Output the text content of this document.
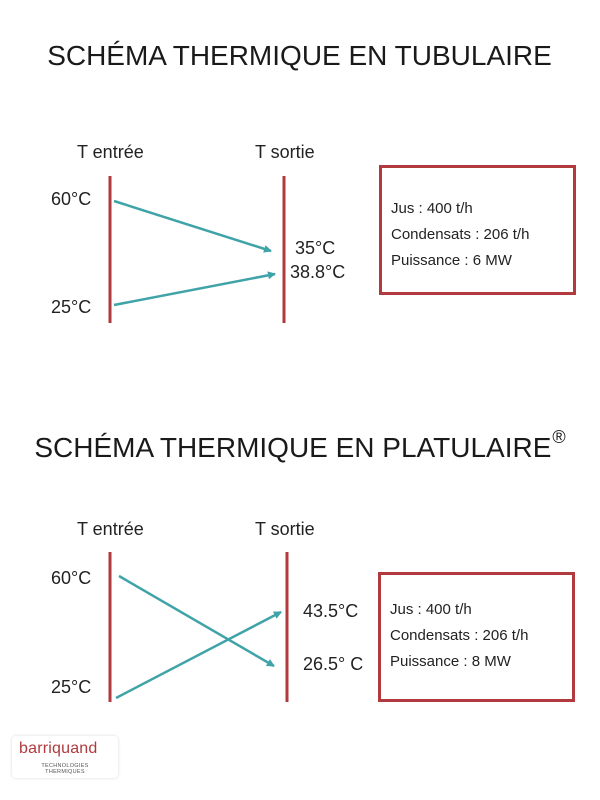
SCHÉMA THERMIQUE EN TUBULAIRE
T entrée	T sortie
60°C
25°C
35°C
38.8°C
Jus : 400 t/h
Condensats : 206 t/h
Puissance : 6 MW
SCHÉMA THERMIQUE EN PLATULAIRE®
T entrée	T sortie
60°C
25°C
43.5°C
26.5° C
Jus : 400 t/h
Condensats : 206 t/h
Puissance : 8 MW
barriquand
TECHNOLOGIES
THERMIQUES
